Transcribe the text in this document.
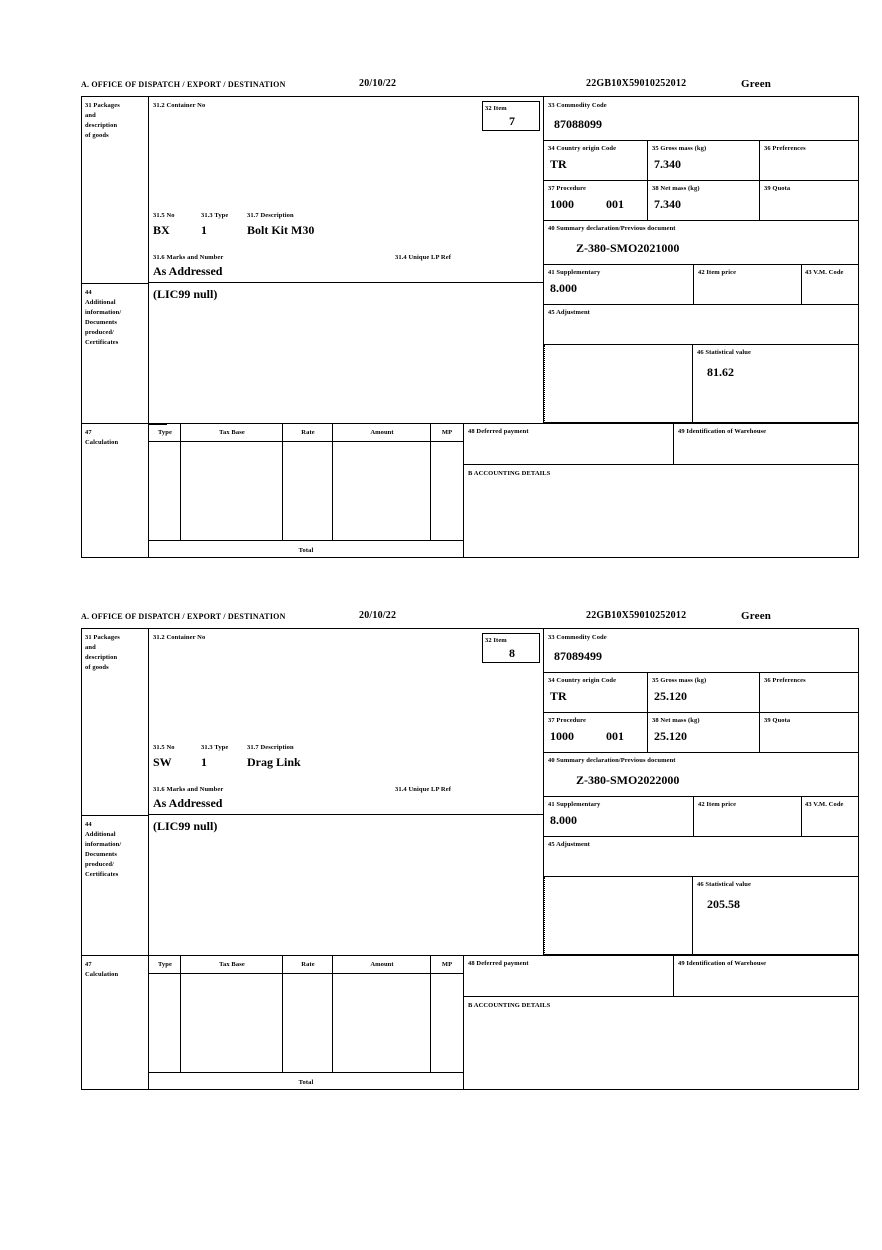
A. OFFICE OF DISPATCH / EXPORT / DESTINATION	20/10/22	22GB10X59010252012	Green
31 Packages
and
description
of goods
31.2 Container No
31.5 No	31.3 Type	31.7 Description
BX	1	Bolt Kit M30
31.6 Marks and Number	31.4 Unique LP Ref
As Addressed
32 Item
7
33 Commodity Code
87088099
34 Country origin Code
TR
35 Gross mass (kg)
7.340
36 Preferences
37 Procedure
1000	001
38 Net mass (kg)
7.340
39 Quota
40 Summary declaration/Previous document
Z-380-SMO2021000
41 Supplementary
8.000
42 Item price	43 V.M. Code
44
Additional
information/
Documents
produced/
Certificates
(LIC99 null)
45 Adjustment
46 Statistical value
81.62
47
Calculation
Type	Tax Base	Rate	Amount	MP
Total
48 Deferred payment	49 Identification of Warehouse
B ACCOUNTING DETAILS
A. OFFICE OF DISPATCH / EXPORT / DESTINATION	20/10/22	22GB10X59010252012	Green
31 Packages
and
description
of goods
31.2 Container No
31.5 No	31.3 Type	31.7 Description
SW 1	Drag Link
31.6 Marks and Number	31.4 Unique LP Ref
As Addressed
32 Item
8
33 Commodity Code
87089499
34 Country origin Code
TR
35 Gross mass (kg)
25.120
36 Preferences
37 Procedure
1000	001
38 Net mass (kg)
25.120
39 Quota
40 Summary declaration/Previous document
Z-380-SMO2022000
41 Supplementary
8.000
42 Item price	43 V.M. Code
44
Additional
information/
Documents
produced/
Certificates
(LIC99 null)
45 Adjustment
46 Statistical value
205.58
47
Calculation
Type	Tax Base	Rate	Amount	MP
Total
48 Deferred payment	49 Identification of Warehouse
B ACCOUNTING DETAILS
